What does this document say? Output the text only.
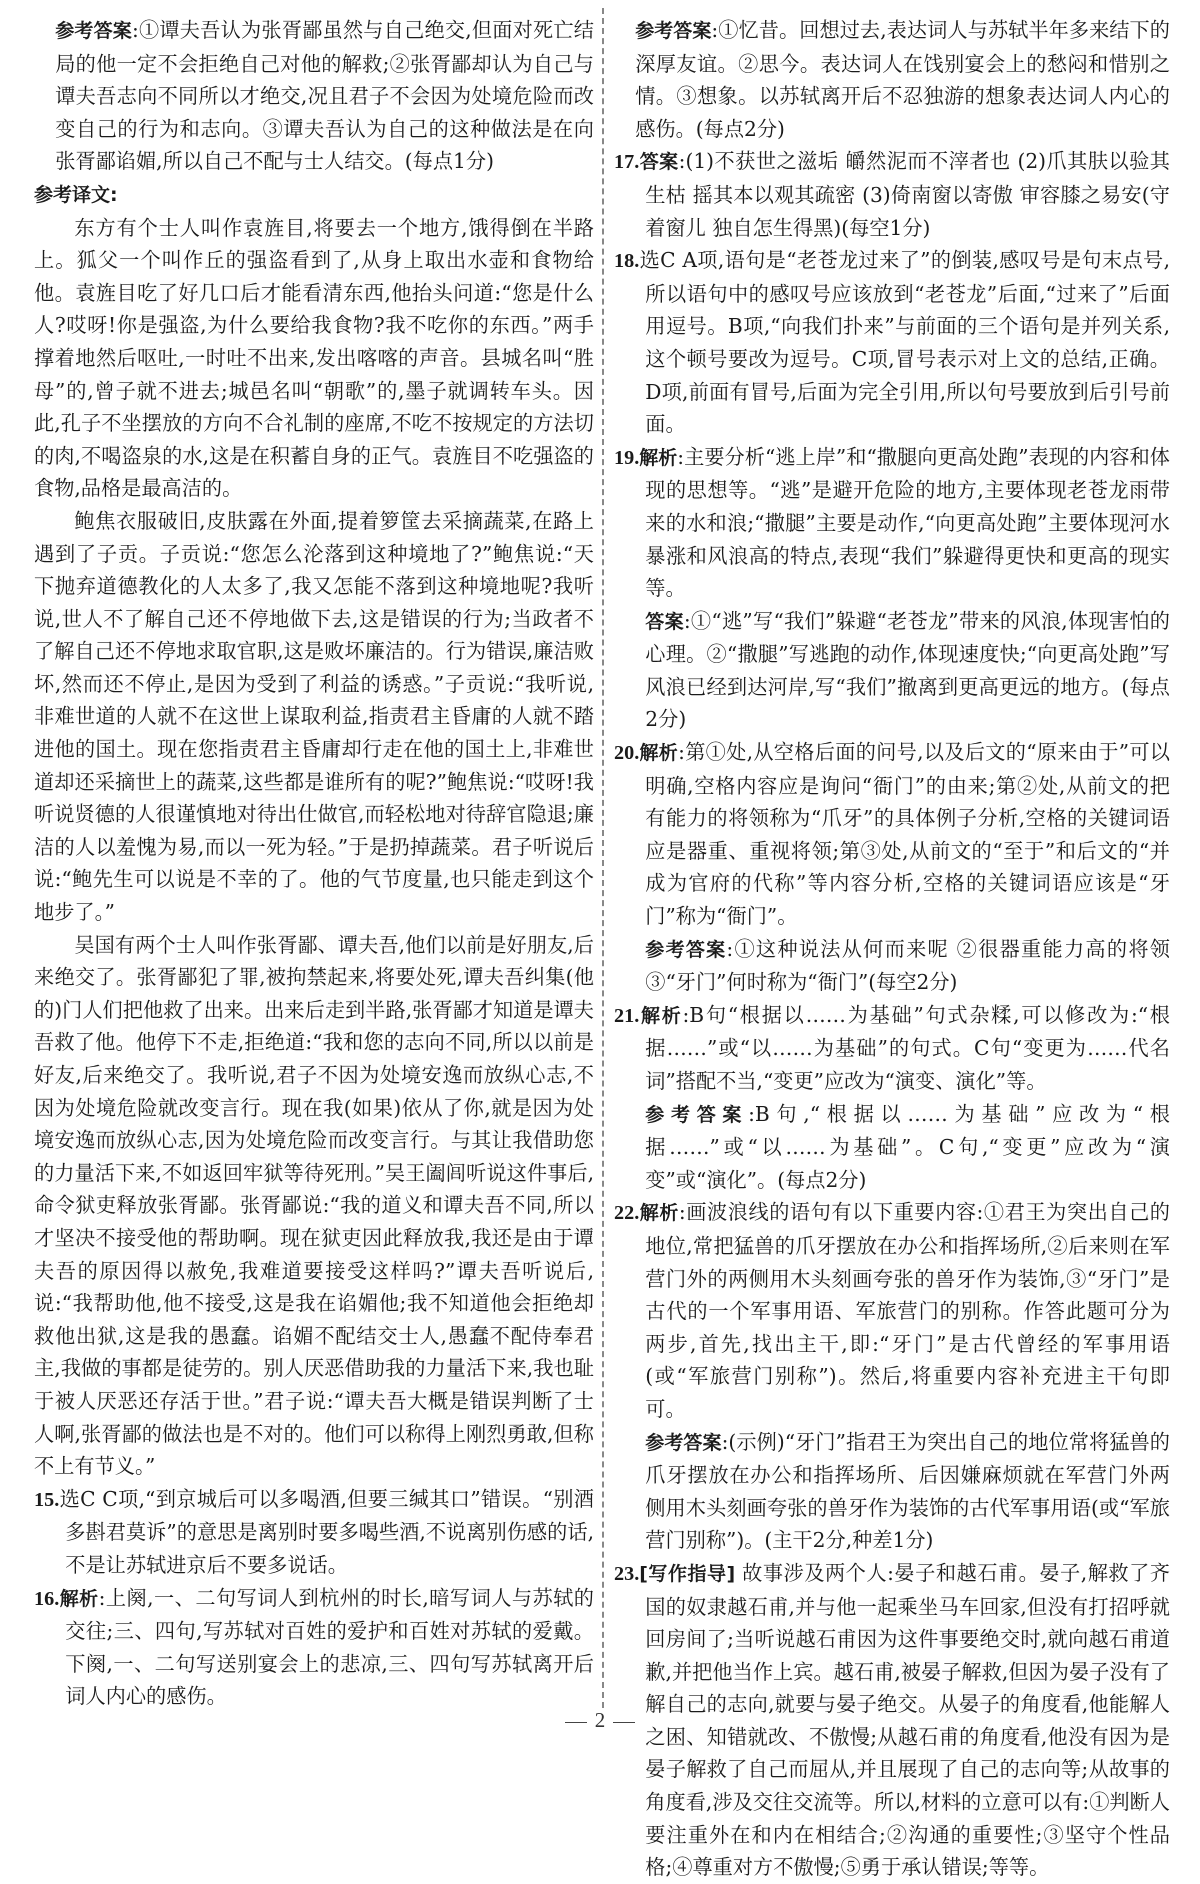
参考答案:①谭夫吾认为张胥鄙虽然与自己绝交,但面对死亡结局的他一定不会拒绝自己对他的解救;②张胥鄙却认为自己与谭夫吾志向不同所以才绝交,况且君子不会因为处境危险而改变自己的行为和志向。③谭夫吾认为自己的这种做法是在向张胥鄙谄媚,所以自己不配与士人结交。(每点1分)

参考译文:

东方有个士人叫作袁旌目,将要去一个地方,饿得倒在半路上。狐父一个叫作丘的强盗看到了,从身上取出水壶和食物给他。袁旌目吃了好几口后才能看清东西,他抬头问道:“您是什么人?哎呀!你是强盗,为什么要给我食物?我不吃你的东西。”两手撑着地然后呕吐,一时吐不出来,发出喀喀的声音。县城名叫“胜母”的,曾子就不进去;城邑名叫“朝歌”的,墨子就调转车头。因此,孔子不坐摆放的方向不合礼制的座席,不吃不按规定的方法切的肉,不喝盗泉的水,这是在积蓄自身的正气。袁旌目不吃强盗的食物,品格是最高洁的。

鲍焦衣服破旧,皮肤露在外面,提着箩筐去采摘蔬菜,在路上遇到了子贡。子贡说:“您怎么沦落到这种境地了?”鲍焦说:“天下抛弃道德教化的人太多了,我又怎能不落到这种境地呢?我听说,世人不了解自己还不停地做下去,这是错误的行为;当政者不了解自己还不停地求取官职,这是败坏廉洁的。行为错误,廉洁败坏,然而还不停止,是因为受到了利益的诱惑。”子贡说:“我听说,非难世道的人就不在这世上谋取利益,指责君主昏庸的人就不踏进他的国土。现在您指责君主昏庸却行走在他的国土上,非难世道却还采摘世上的蔬菜,这些都是谁所有的呢?”鲍焦说:“哎呀!我听说贤德的人很谨慎地对待出仕做官,而轻松地对待辞官隐退;廉洁的人以羞愧为易,而以一死为轻。”于是扔掉蔬菜。君子听说后说:“鲍先生可以说是不幸的了。他的气节度量,也只能走到这个地步了。”

吴国有两个士人叫作张胥鄙、谭夫吾,他们以前是好朋友,后来绝交了。张胥鄙犯了罪,被拘禁起来,将要处死,谭夫吾纠集(他的)门人们把他救了出来。出来后走到半路,张胥鄙才知道是谭夫吾救了他。他停下不走,拒绝道:“我和您的志向不同,所以以前是好友,后来绝交了。我听说,君子不因为处境安逸而放纵心志,不因为处境危险就改变言行。现在我(如果)依从了你,就是因为处境安逸而放纵心志,因为处境危险而改变言行。与其让我借助您的力量活下来,不如返回牢狱等待死刑。”吴王阖闾听说这件事后,命令狱吏释放张胥鄙。张胥鄙说:“我的道义和谭夫吾不同,所以才坚决不接受他的帮助啊。现在狱吏因此释放我,我还是由于谭夫吾的原因得以赦免,我难道要接受这样吗?”谭夫吾听说后,说:“我帮助他,他不接受,这是我在谄媚他;我不知道他会拒绝却救他出狱,这是我的愚蠢。谄媚不配结交士人,愚蠢不配侍奉君主,我做的事都是徒劳的。别人厌恶借助我的力量活下来,我也耻于被人厌恶还存活于世。”君子说:“谭夫吾大概是错误判断了士人啊,张胥鄙的做法也是不对的。他们可以称得上刚烈勇敢,但称不上有节义。”

15.选C C项,“到京城后可以多喝酒,但要三缄其口”错误。“别酒多斟君莫诉”的意思是离别时要多喝些酒,不说离别伤感的话,不是让苏轼进京后不要多说话。

16.解析:上阕,一、二句写词人到杭州的时长,暗写词人与苏轼的交往;三、四句,写苏轼对百姓的爱护和百姓对苏轼的爱戴。下阕,一、二句写送别宴会上的悲凉,三、四句写苏轼离开后词人内心的感伤。

参考答案:①忆昔。回想过去,表达词人与苏轼半年多来结下的深厚友谊。②思今。表达词人在饯别宴会上的愁闷和惜别之情。③想象。以苏轼离开后不忍独游的想象表达词人内心的感伤。(每点2分)

17.答案:(1)不获世之滋垢 皭然泥而不滓者也 (2)爪其肤以验其生枯 摇其本以观其疏密 (3)倚南窗以寄傲 审容膝之易安(守着窗儿 独自怎生得黑)(每空1分)

18.选C A项,语句是“老苍龙过来了”的倒装,感叹号是句末点号,所以语句中的感叹号应该放到“老苍龙”后面,“过来了”后面用逗号。B项,“向我们扑来”与前面的三个语句是并列关系,这个顿号要改为逗号。C项,冒号表示对上文的总结,正确。D项,前面有冒号,后面为完全引用,所以句号要放到后引号前面。

19.解析:主要分析“逃上岸”和“撒腿向更高处跑”表现的内容和体现的思想等。“逃”是避开危险的地方,主要体现老苍龙雨带来的水和浪;“撒腿”主要是动作,“向更高处跑”主要体现河水暴涨和风浪高的特点,表现“我们”躲避得更快和更高的现实等。

答案:①“逃”写“我们”躲避“老苍龙”带来的风浪,体现害怕的心理。②“撒腿”写逃跑的动作,体现速度快;“向更高处跑”写风浪已经到达河岸,写“我们”撤离到更高更远的地方。(每点2分)

20.解析:第①处,从空格后面的问号,以及后文的“原来由于”可以明确,空格内容应是询问“衙门”的由来;第②处,从前文的把有能力的将领称为“爪牙”的具体例子分析,空格的关键词语应是器重、重视将领;第③处,从前文的“至于”和后文的“并成为官府的代称”等内容分析,空格的关键词语应该是“牙门”称为“衙门”。

参考答案:①这种说法从何而来呢 ②很器重能力高的将领 ③“牙门”何时称为“衙门”(每空2分)

21.解析:B句“根据以……为基础”句式杂糅,可以修改为:“根据……”或“以……为基础”的句式。C句“变更为……代名词”搭配不当,“变更”应改为“演变、演化”等。

参考答案:B句,“根据以……为基础”应改为“根据……”或“以……为基础”。C句,“变更”应改为“演变”或“演化”。(每点2分)

22.解析:画波浪线的语句有以下重要内容:①君王为突出自己的地位,常把猛兽的爪牙摆放在办公和指挥场所,②后来则在军营门外的两侧用木头刻画夸张的兽牙作为装饰,③“牙门”是古代的一个军事用语、军旅营门的别称。作答此题可分为两步,首先,找出主干,即:“牙门”是古代曾经的军事用语(或“军旅营门别称”)。然后,将重要内容补充进主干句即可。

参考答案:(示例)“牙门”指君王为突出自己的地位常将猛兽的爪牙摆放在办公和指挥场所、后因嫌麻烦就在军营门外两侧用木头刻画夸张的兽牙作为装饰的古代军事用语(或“军旅营门别称”)。(主干2分,种差1分)

23.[写作指导] 故事涉及两个人:晏子和越石甫。晏子,解救了齐国的奴隶越石甫,并与他一起乘坐马车回家,但没有打招呼就回房间了;当听说越石甫因为这件事要绝交时,就向越石甫道歉,并把他当作上宾。越石甫,被晏子解救,但因为晏子没有了解自己的志向,就要与晏子绝交。从晏子的角度看,他能解人之困、知错就改、不傲慢;从越石甫的角度看,他没有因为是晏子解救了自己而屈从,并且展现了自己的志向等;从故事的角度看,涉及交往交流等。所以,材料的立意可以有:①判断人要注重外在和内在相结合;②沟通的重要性;③坚守个性品格;④尊重对方不傲慢;⑤勇于承认错误;等等。

2
